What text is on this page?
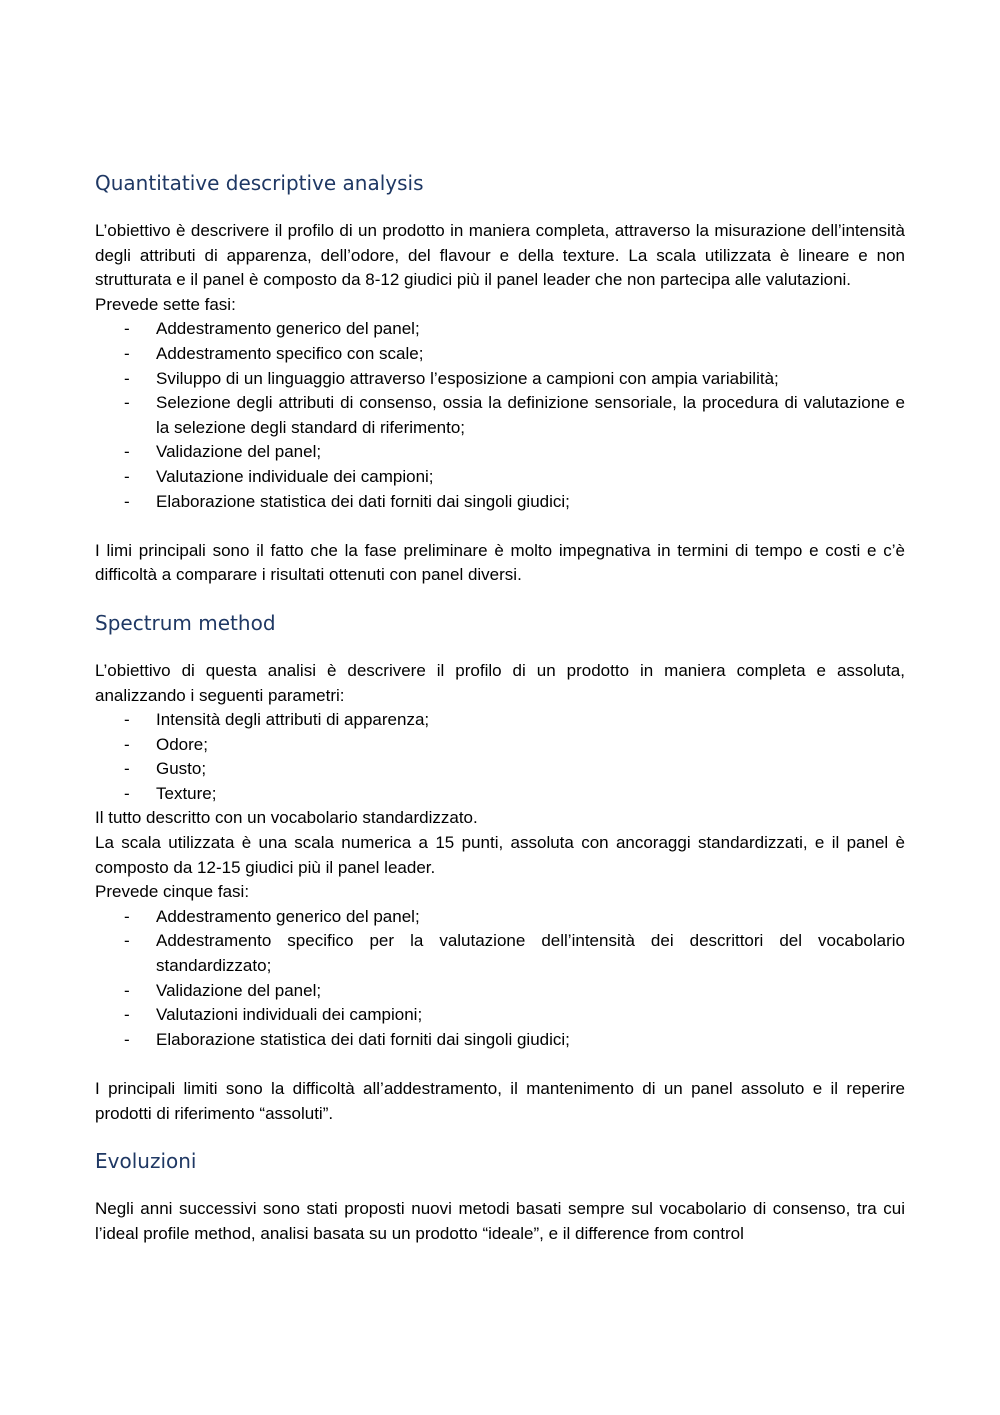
Quantitative descriptive analysis

L’obiettivo è descrivere il profilo di un prodotto in maniera completa, attraverso la misurazione dell’intensità degli attributi di apparenza, dell’odore, del flavour e della texture. La scala utilizzata è lineare e non strutturata e il panel è composto da 8-12 giudici più il panel leader che non partecipa alle valutazioni.

Prevede sette fasi:

- Addestramento generico del panel;
- Addestramento specifico con scale;
- Sviluppo di un linguaggio attraverso l’esposizione a campioni con ampia variabilità;
- Selezione degli attributi di consenso, ossia la definizione sensoriale, la procedura di valutazione e la selezione degli standard di riferimento;
- Validazione del panel;
- Valutazione individuale dei campioni;
- Elaborazione statistica dei dati forniti dai singoli giudici;

I limi principali sono il fatto che la fase preliminare è molto impegnativa in termini di tempo e costi e c’è difficoltà a comparare i risultati ottenuti con panel diversi.

Spectrum method

L’obiettivo di questa analisi è descrivere il profilo di un prodotto in maniera completa e assoluta, analizzando i seguenti parametri:

- Intensità degli attributi di apparenza;
- Odore;
- Gusto;
- Texture;

Il tutto descritto con un vocabolario standardizzato.

La scala utilizzata è una scala numerica a 15 punti, assoluta con ancoraggi standardizzati, e il panel è composto da 12-15 giudici più il panel leader.

Prevede cinque fasi:

- Addestramento generico del panel;
- Addestramento specifico per la valutazione dell’intensità dei descrittori del vocabolario standardizzato;
- Validazione del panel;
- Valutazioni individuali dei campioni;
- Elaborazione statistica dei dati forniti dai singoli giudici;

I principali limiti sono la difficoltà all’addestramento, il mantenimento di un panel assoluto e il reperire prodotti di riferimento “assoluti”.

Evoluzioni

Negli anni successivi sono stati proposti nuovi metodi basati sempre sul vocabolario di consenso, tra cui l’ideal profile method, analisi basata su un prodotto “ideale”, e il difference from control
